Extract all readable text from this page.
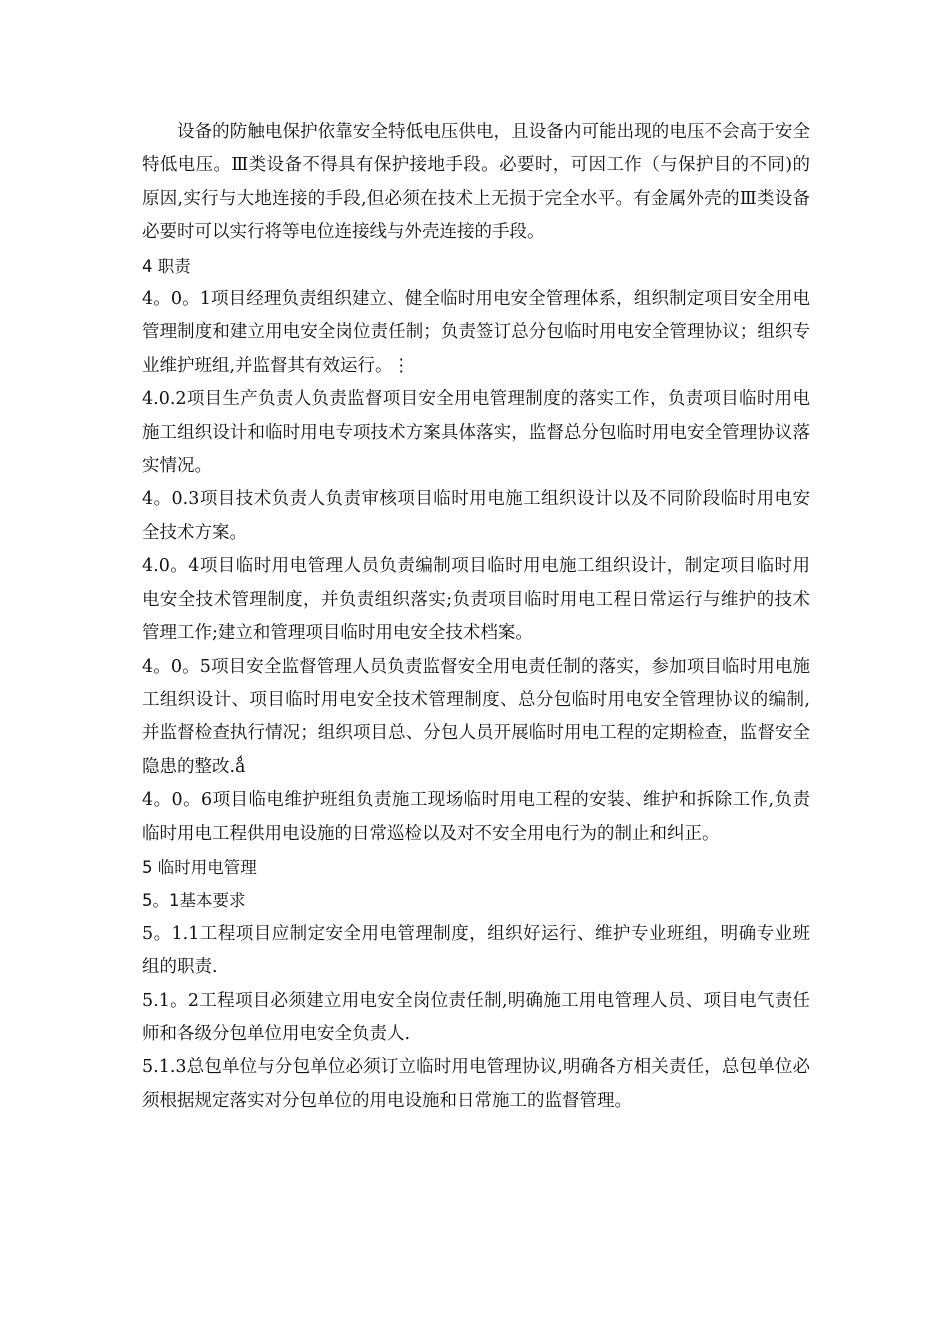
设备的防触电保护依靠安全特低电压供电，且设备内可能出现的电压不会高于安全特低电压。Ⅲ类设备不得具有保护接地手段。必要时，可因工作（与保护目的不同)的原因,实行与大地连接的手段,但必须在技术上无损于完全水平。有金属外壳的Ⅲ类设备必要时可以实行将等电位连接线与外壳连接的手段。

4 职责

4。0。1项目经理负责组织建立、健全临时用电安全管理体系，组织制定项目安全用电管理制度和建立用电安全岗位责任制；负责签订总分包临时用电安全管理协议；组织专业维护班组,并监督其有效运行。⋮

4.0.2项目生产负责人负责监督项目安全用电管理制度的落实工作，负责项目临时用电施工组织设计和临时用电专项技术方案具体落实，监督总分包临时用电安全管理协议落实情况。

4。0.3项目技术负责人负责审核项目临时用电施工组织设计以及不同阶段临时用电安全技术方案。

4.0。4项目临时用电管理人员负责编制项目临时用电施工组织设计，制定项目临时用电安全技术管理制度，并负责组织落实;负责项目临时用电工程日常运行与维护的技术管理工作;建立和管理项目临时用电安全技术档案。

4。0。5项目安全监督管理人员负责监督安全用电责任制的落实，参加项目临时用电施工组织设计、项目临时用电安全技术管理制度、总分包临时用电安全管理协议的编制,并监督检查执行情况；组织项目总、分包人员开展临时用电工程的定期检查，监督安全隐患的整改.ǻ

4。0。6项目临电维护班组负责施工现场临时用电工程的安装、维护和拆除工作,负责临时用电工程供用电设施的日常巡检以及对不安全用电行为的制止和纠正。

5 临时用电管理
5。1基本要求

5。1.1工程项目应制定安全用电管理制度，组织好运行、维护专业班组，明确专业班组的职责.

5.1。2工程项目必须建立用电安全岗位责任制,明确施工用电管理人员、项目电气责任师和各级分包单位用电安全负责人.

5.1.3总包单位与分包单位必须订立临时用电管理协议,明确各方相关责任，总包单位必须根据规定落实对分包单位的用电设施和日常施工的监督管理。
